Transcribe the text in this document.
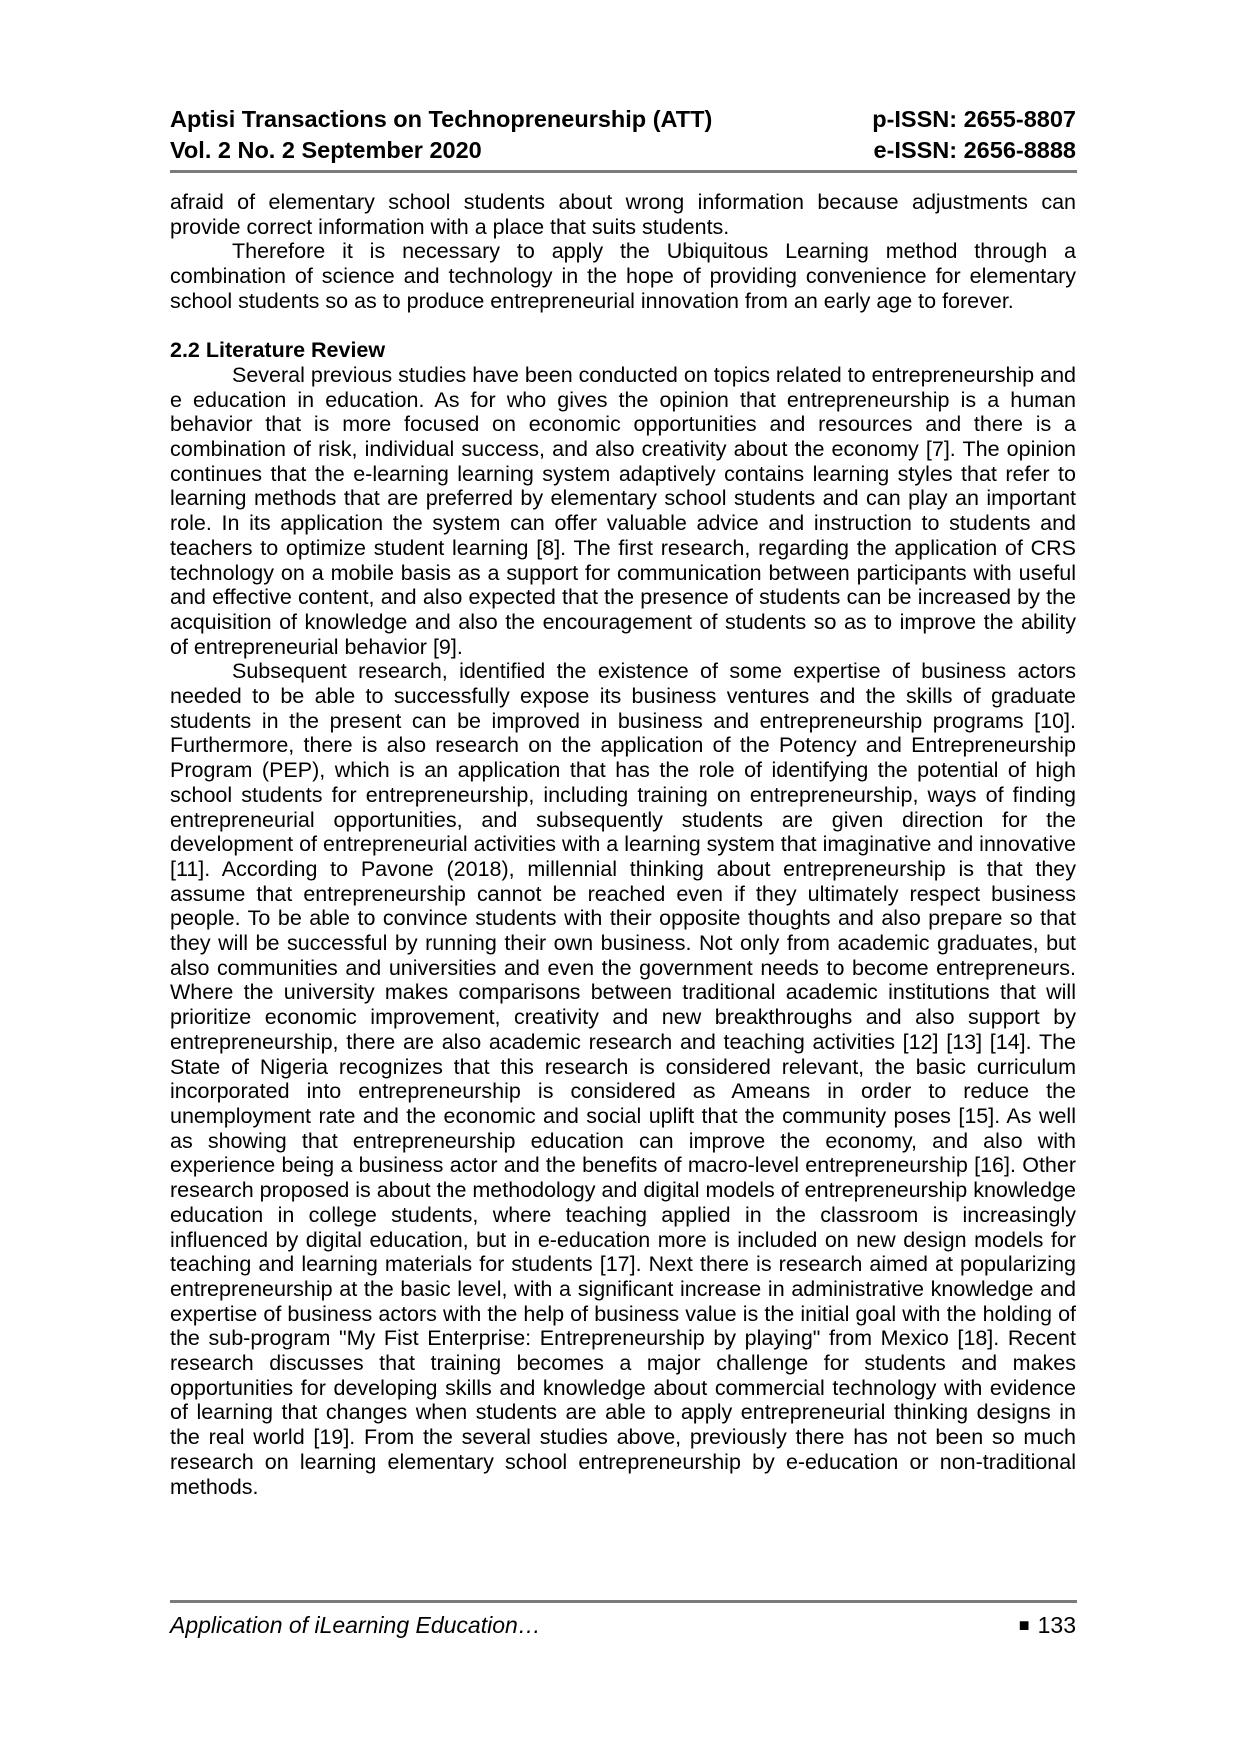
Aptisi Transactions on Technopreneurship (ATT)
Vol. 2 No. 2 September 2020
p-ISSN: 2655-8807
e-ISSN: 2656-8888

afraid of elementary school students about wrong information because adjustments can provide correct information with a place that suits students.

Therefore it is necessary to apply the Ubiquitous Learning method through a combination of science and technology in the hope of providing convenience for elementary school students so as to produce entrepreneurial innovation from an early age to forever.

2.2 Literature Review

Several previous studies have been conducted on topics related to entrepreneurship and e education in education. As for who gives the opinion that entrepreneurship is a human behavior that is more focused on economic opportunities and resources and there is a combination of risk, individual success, and also creativity about the economy [7]. The opinion continues that the e-learning learning system adaptively contains learning styles that refer to learning methods that are preferred by elementary school students and can play an important role. In its application the system can offer valuable advice and instruction to students and teachers to optimize student learning [8]. The first research, regarding the application of CRS technology on a mobile basis as a support for communication between participants with useful and effective content, and also expected that the presence of students can be increased by the acquisition of knowledge and also the encouragement of students so as to improve the ability of entrepreneurial behavior [9].

Subsequent research, identified the existence of some expertise of business actors needed to be able to successfully expose its business ventures and the skills of graduate students in the present can be improved in business and entrepreneurship programs [10]. Furthermore, there is also research on the application of the Potency and Entrepreneurship Program (PEP), which is an application that has the role of identifying the potential of high school students for entrepreneurship, including training on entrepreneurship, ways of finding entrepreneurial opportunities, and subsequently students are given direction for the development of entrepreneurial activities with a learning system that imaginative and innovative [11]. According to Pavone (2018), millennial thinking about entrepreneurship is that they assume that entrepreneurship cannot be reached even if they ultimately respect business people. To be able to convince students with their opposite thoughts and also prepare so that they will be successful by running their own business. Not only from academic graduates, but also communities and universities and even the government needs to become entrepreneurs. Where the university makes comparisons between traditional academic institutions that will prioritize economic improvement, creativity and new breakthroughs and also support by entrepreneurship, there are also academic research and teaching activities [12] [13] [14]. The State of Nigeria recognizes that this research is considered relevant, the basic curriculum incorporated into entrepreneurship is considered as Ameans in order to reduce the unemployment rate and the economic and social uplift that the community poses [15]. As well as showing that entrepreneurship education can improve the economy, and also with experience being a business actor and the benefits of macro-level entrepreneurship [16]. Other research proposed is about the methodology and digital models of entrepreneurship knowledge education in college students, where teaching applied in the classroom is increasingly influenced by digital education, but in e-education more is included on new design models for teaching and learning materials for students [17]. Next there is research aimed at popularizing entrepreneurship at the basic level, with a significant increase in administrative knowledge and expertise of business actors with the help of business value is the initial goal with the holding of the sub-program "My Fist Enterprise: Entrepreneurship by playing" from Mexico [18]. Recent research discusses that training becomes a major challenge for students and makes opportunities for developing skills and knowledge about commercial technology with evidence of learning that changes when students are able to apply entrepreneurial thinking designs in the real world [19]. From the several studies above, previously there has not been so much research on learning elementary school entrepreneurship by e-education or non-traditional methods.

Application of iLearning Education…	■ 133
